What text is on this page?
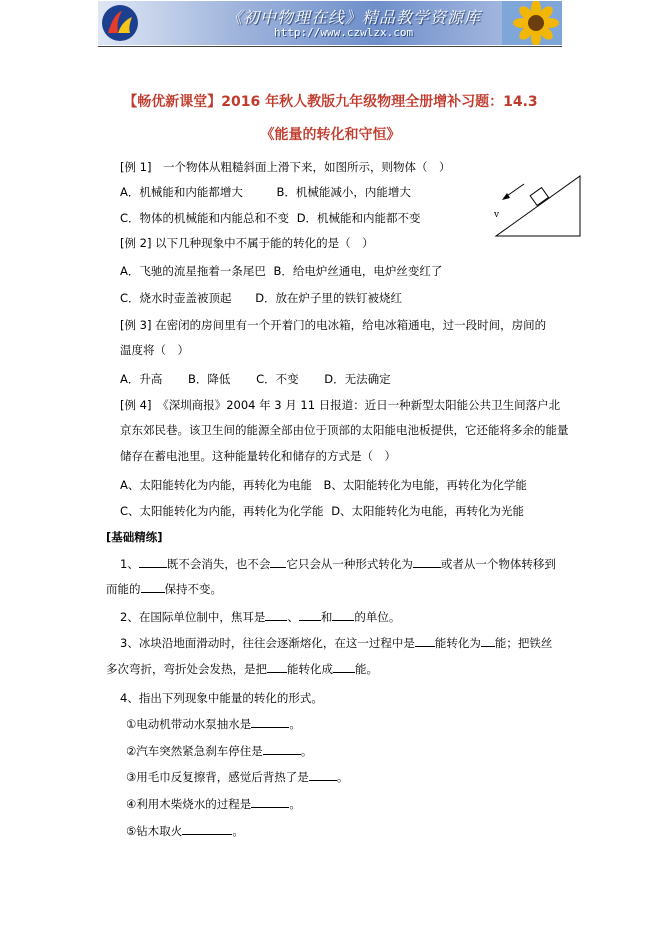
《初中物理在线》精品教学资源库
http://www.czwlzx.com
【畅优新课堂】2016 年秋人教版九年级物理全册增补习题：14.3
《能量的转化和守恒》
[例 1]　一个物体从粗糙斜面上滑下来，如图所示，则物体（　）
A．机械能和内能都增大	B．机械能减小，内能增大
C．物体的机械能和内能总和不变 D．机械能和内能都不变	v
[例 2] 以下几种现象中不属于能的转化的是（　）
A．飞驰的流星拖着一条尾巴 B．给电炉丝通电，电炉丝变红了
C．烧水时壶盖被顶起 D．放在炉子里的铁钉被烧红
[例 3] 在密闭的房间里有一个开着门的电冰箱，给电冰箱通电，过一段时间，房间的
温度将（　）
A．升高 B．降低 C．不变 D．无法确定
[例 4]　《深圳商报》2004 年 3 月 11 日报道：近日一种新型太阳能公共卫生间落户北
京东郊民巷。该卫生间的能源全部由位于顶部的太阳能电池板提供，它还能将多余的能量
储存在蓄电池里。这种能量转化和储存的方式是（　）
A、太阳能转化为内能，再转化为电能 B、太阳能转化为电能，再转化为化学能
C、太阳能转化为内能，再转化为化学能 D、太阳能转化为电能，再转化为光能
[基础精练]
1、 既不会消失，也不会 它只会从一种形式转化为 或者从一个物体转移到
而能的 保持不变。
2、在国际单位制中，焦耳是 、 和 的单位。
3、冰块沿地面滑动时，往往会逐渐熔化，在这一过程中是 能转化为 能；把铁丝
多次弯折，弯折处会发热，是把 能转化成 能。
4、指出下列现象中能量的转化的形式。
①电动机带动水泵抽水是	。
②汽车突然紧急刹车停住是	。
③用毛巾反复擦背，感觉后背热了是 。
④利用木柴烧水的过程是	。
⑤钻木取火	。
